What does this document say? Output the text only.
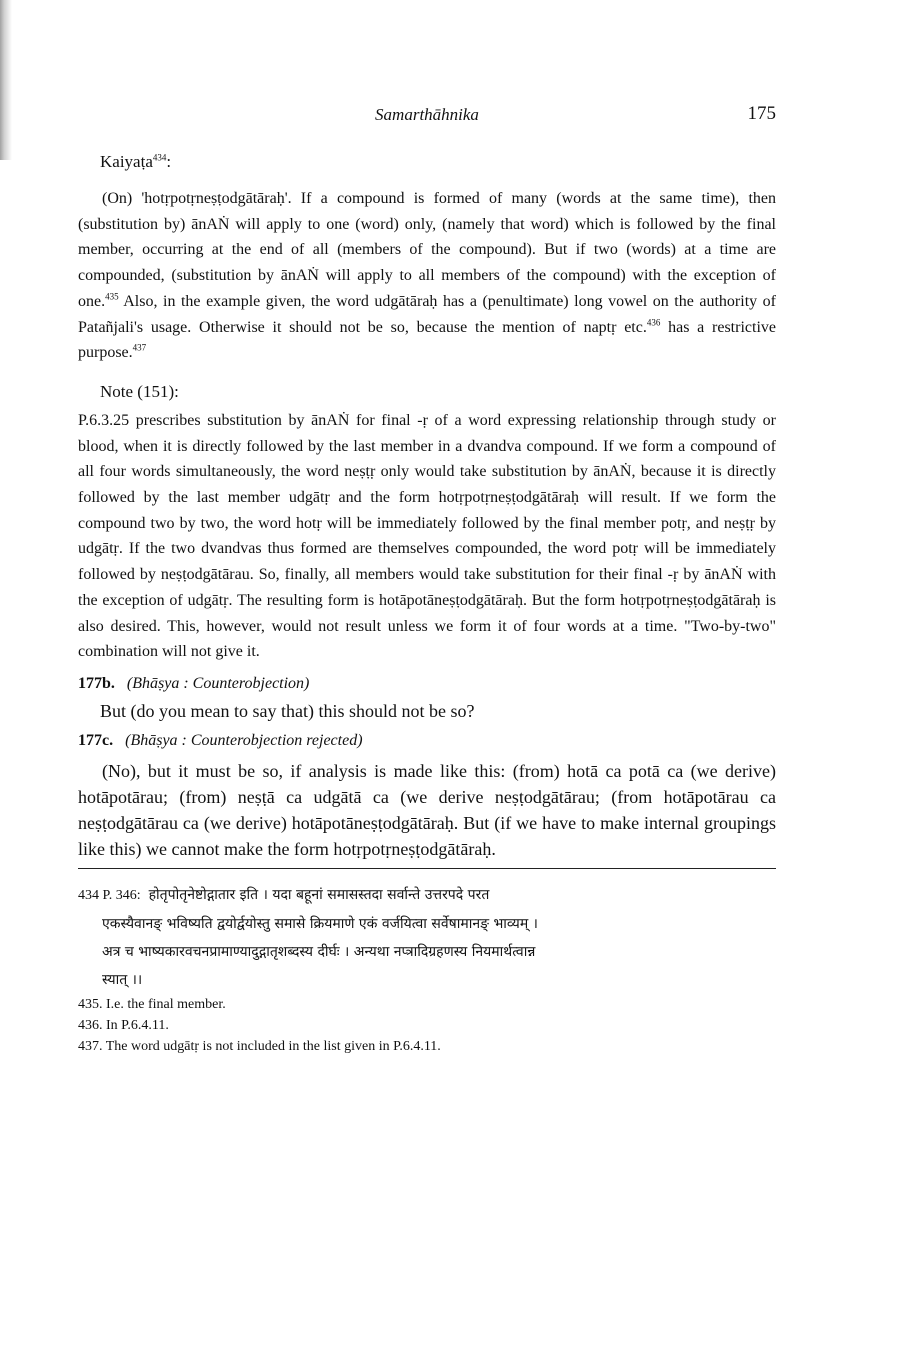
Samarthāhnika	175

Kaiyaṭa$^{434}$:

(On) 'hotṛpotṛneṣṭodgātāraḥ'. If a compound is formed of many (words at the same time), then (substitution by) ānAṄ will apply to one (word) only, (namely that word) which is followed by the final member, occurring at the end of all (members of the compound). But if two (words) at a time are compounded, (substitution by ānAṄ will apply to all members of the compound) with the exception of one.$^{435}$ Also, in the example given, the word udgātāraḥ has a (penultimate) long vowel on the authority of Patañjali's usage. Otherwise it should not be so, because the mention of naptṛ etc.$^{436}$ has a restrictive purpose.$^{437}$

Note (151):

P.6.3.25 prescribes substitution by ānAṄ for final -ṛ of a word expressing relationship through study or blood, when it is directly followed by the last member in a dvandva compound. If we form a compound of all four words simultaneously, the word neṣṭṛ only would take substitution by ānAṄ, because it is directly followed by the last member udgātṛ and the form hotṛpotṛneṣṭodgātāraḥ will result. If we form the compound two by two, the word hotṛ will be immediately followed by the final member potṛ, and neṣṭṛ by udgātṛ. If the two dvandvas thus formed are themselves compounded, the word potṛ will be immediately followed by neṣṭodgātārau. So, finally, all members would take substitution for their final -ṛ by ānAṄ with the exception of udgātṛ. The resulting form is hotāpotāneṣṭodgātāraḥ. But the form hotṛpotṛneṣṭodgātāraḥ is also desired. This, however, would not result unless we form it of four words at a time. "Two-by-two" combination will not give it.

177b. (Bhāṣya : Counterobjection)

But (do you mean to say that) this should not be so?

177c. (Bhāṣya : Counterobjection rejected)

(No), but it must be so, if analysis is made like this: (from) hotā ca potā ca (we derive) hotāpotārau; (from) neṣṭā ca udgātā ca (we derive neṣṭodgātārau; (from hotāpotārau ca neṣṭodgātārau ca (we derive) hotāpotāneṣṭodgātāraḥ. But (if we have to make internal groupings like this) we cannot make the form hotṛpotṛneṣṭodgātāraḥ.

434 P. 346: होतृपोतृनेष्टोद्गातार इति । यदा बहूनां समासस्तदा सर्वान्ते उत्तरपदे परत

एकस्यैवानङ् भविष्यति द्वयोर्द्वयोस्तु समासे क्रियमाणे एकं वर्जयित्वा सर्वेषामानङ् भाव्यम् ।

अत्र च भाष्यकारवचनप्रामाण्यादुद्गातृशब्दस्य दीर्घः । अन्यथा नप्त्रादिग्रहणस्य नियमार्थत्वान्न

स्यात् ।।

435. I.e. the final member.

436. In P.6.4.11.

437. The word udgātṛ is not included in the list given in P.6.4.11.
